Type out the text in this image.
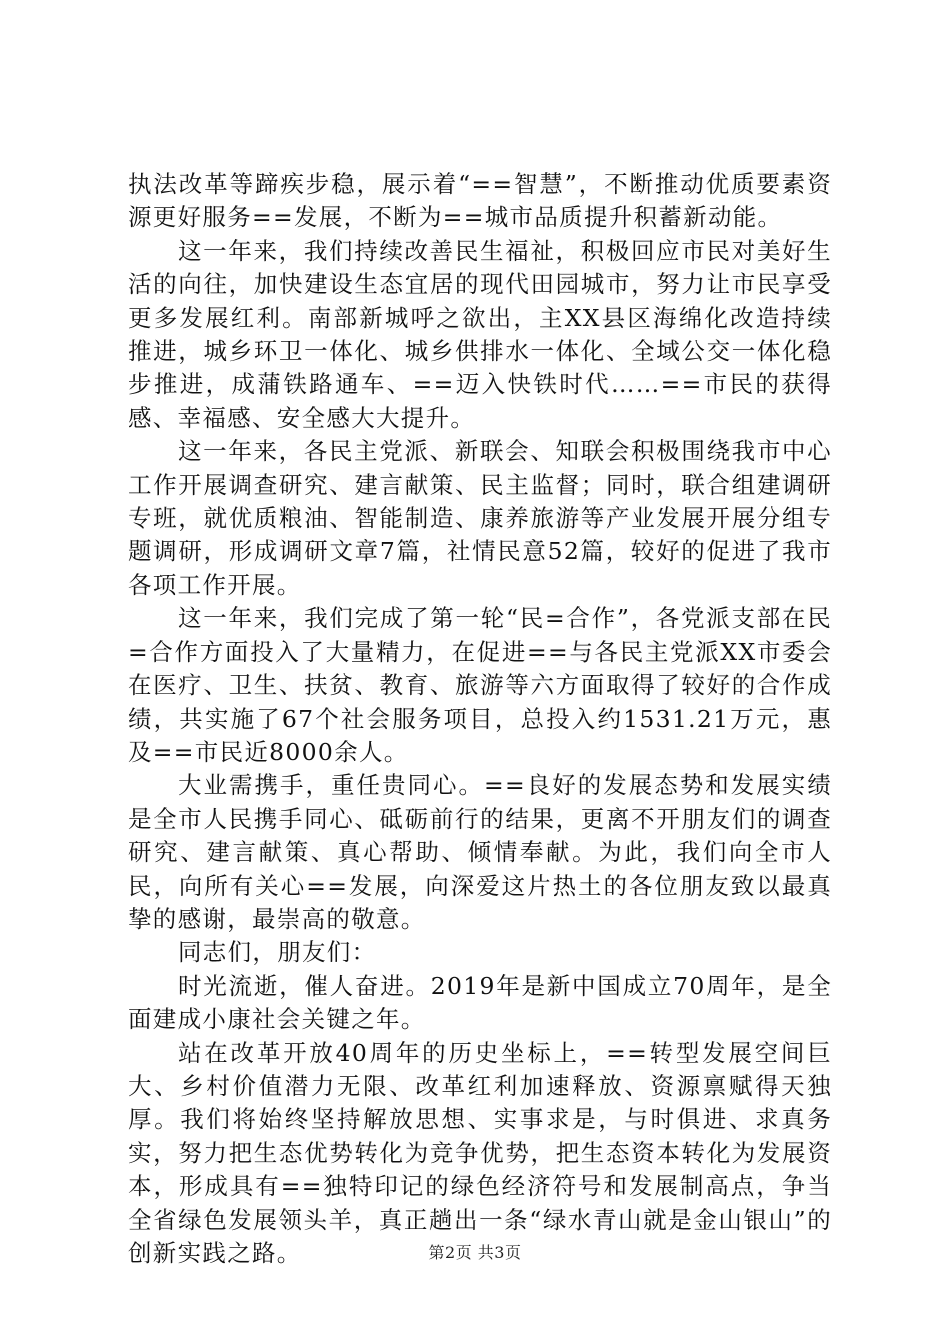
执法改革等蹄疾步稳，展示着“==智慧”，不断推动优质要素资源更好服务==发展，不断为==城市品质提升积蓄新动能。

这一年来，我们持续改善民生福祉，积极回应市民对美好生活的向往，加快建设生态宜居的现代田园城市，努力让市民享受更多发展红利。南部新城呼之欲出，主XX县区海绵化改造持续推进，城乡环卫一体化、城乡供排水一体化、全域公交一体化稳步推进，成蒲铁路通车、==迈入快铁时代……==市民的获得感、幸福感、安全感大大提升。

这一年来，各民主党派、新联会、知联会积极围绕我市中心工作开展调查研究、建言献策、民主监督；同时，联合组建调研专班，就优质粮油、智能制造、康养旅游等产业发展开展分组专题调研，形成调研文章7篇，社情民意52篇，较好的促进了我市各项工作开展。

这一年来，我们完成了第一轮“民=合作”，各党派支部在民=合作方面投入了大量精力，在促进==与各民主党派XX市委会在医疗、卫生、扶贫、教育、旅游等六方面取得了较好的合作成绩，共实施了67个社会服务项目，总投入约1531.21万元，惠及==市民近8000余人。

大业需携手，重任贵同心。==良好的发展态势和发展实绩是全市人民携手同心、砥砺前行的结果，更离不开朋友们的调查研究、建言献策、真心帮助、倾情奉献。为此，我们向全市人民，向所有关心==发展，向深爱这片热土的各位朋友致以最真挚的感谢，最崇高的敬意。

同志们，朋友们：

时光流逝，催人奋进。2019年是新中国成立70周年，是全面建成小康社会关键之年。

站在改革开放40周年的历史坐标上，==转型发展空间巨大、乡村价值潜力无限、改革红利加速释放、资源禀赋得天独厚。我们将始终坚持解放思想、实事求是，与时俱进、求真务实，努力把生态优势转化为竞争优势，把生态资本转化为发展资本，形成具有==独特印记的绿色经济符号和发展制高点，争当全省绿色发展领头羊，真正趟出一条“绿水青山就是金山银山”的创新实践之路。	第2页 共3页
